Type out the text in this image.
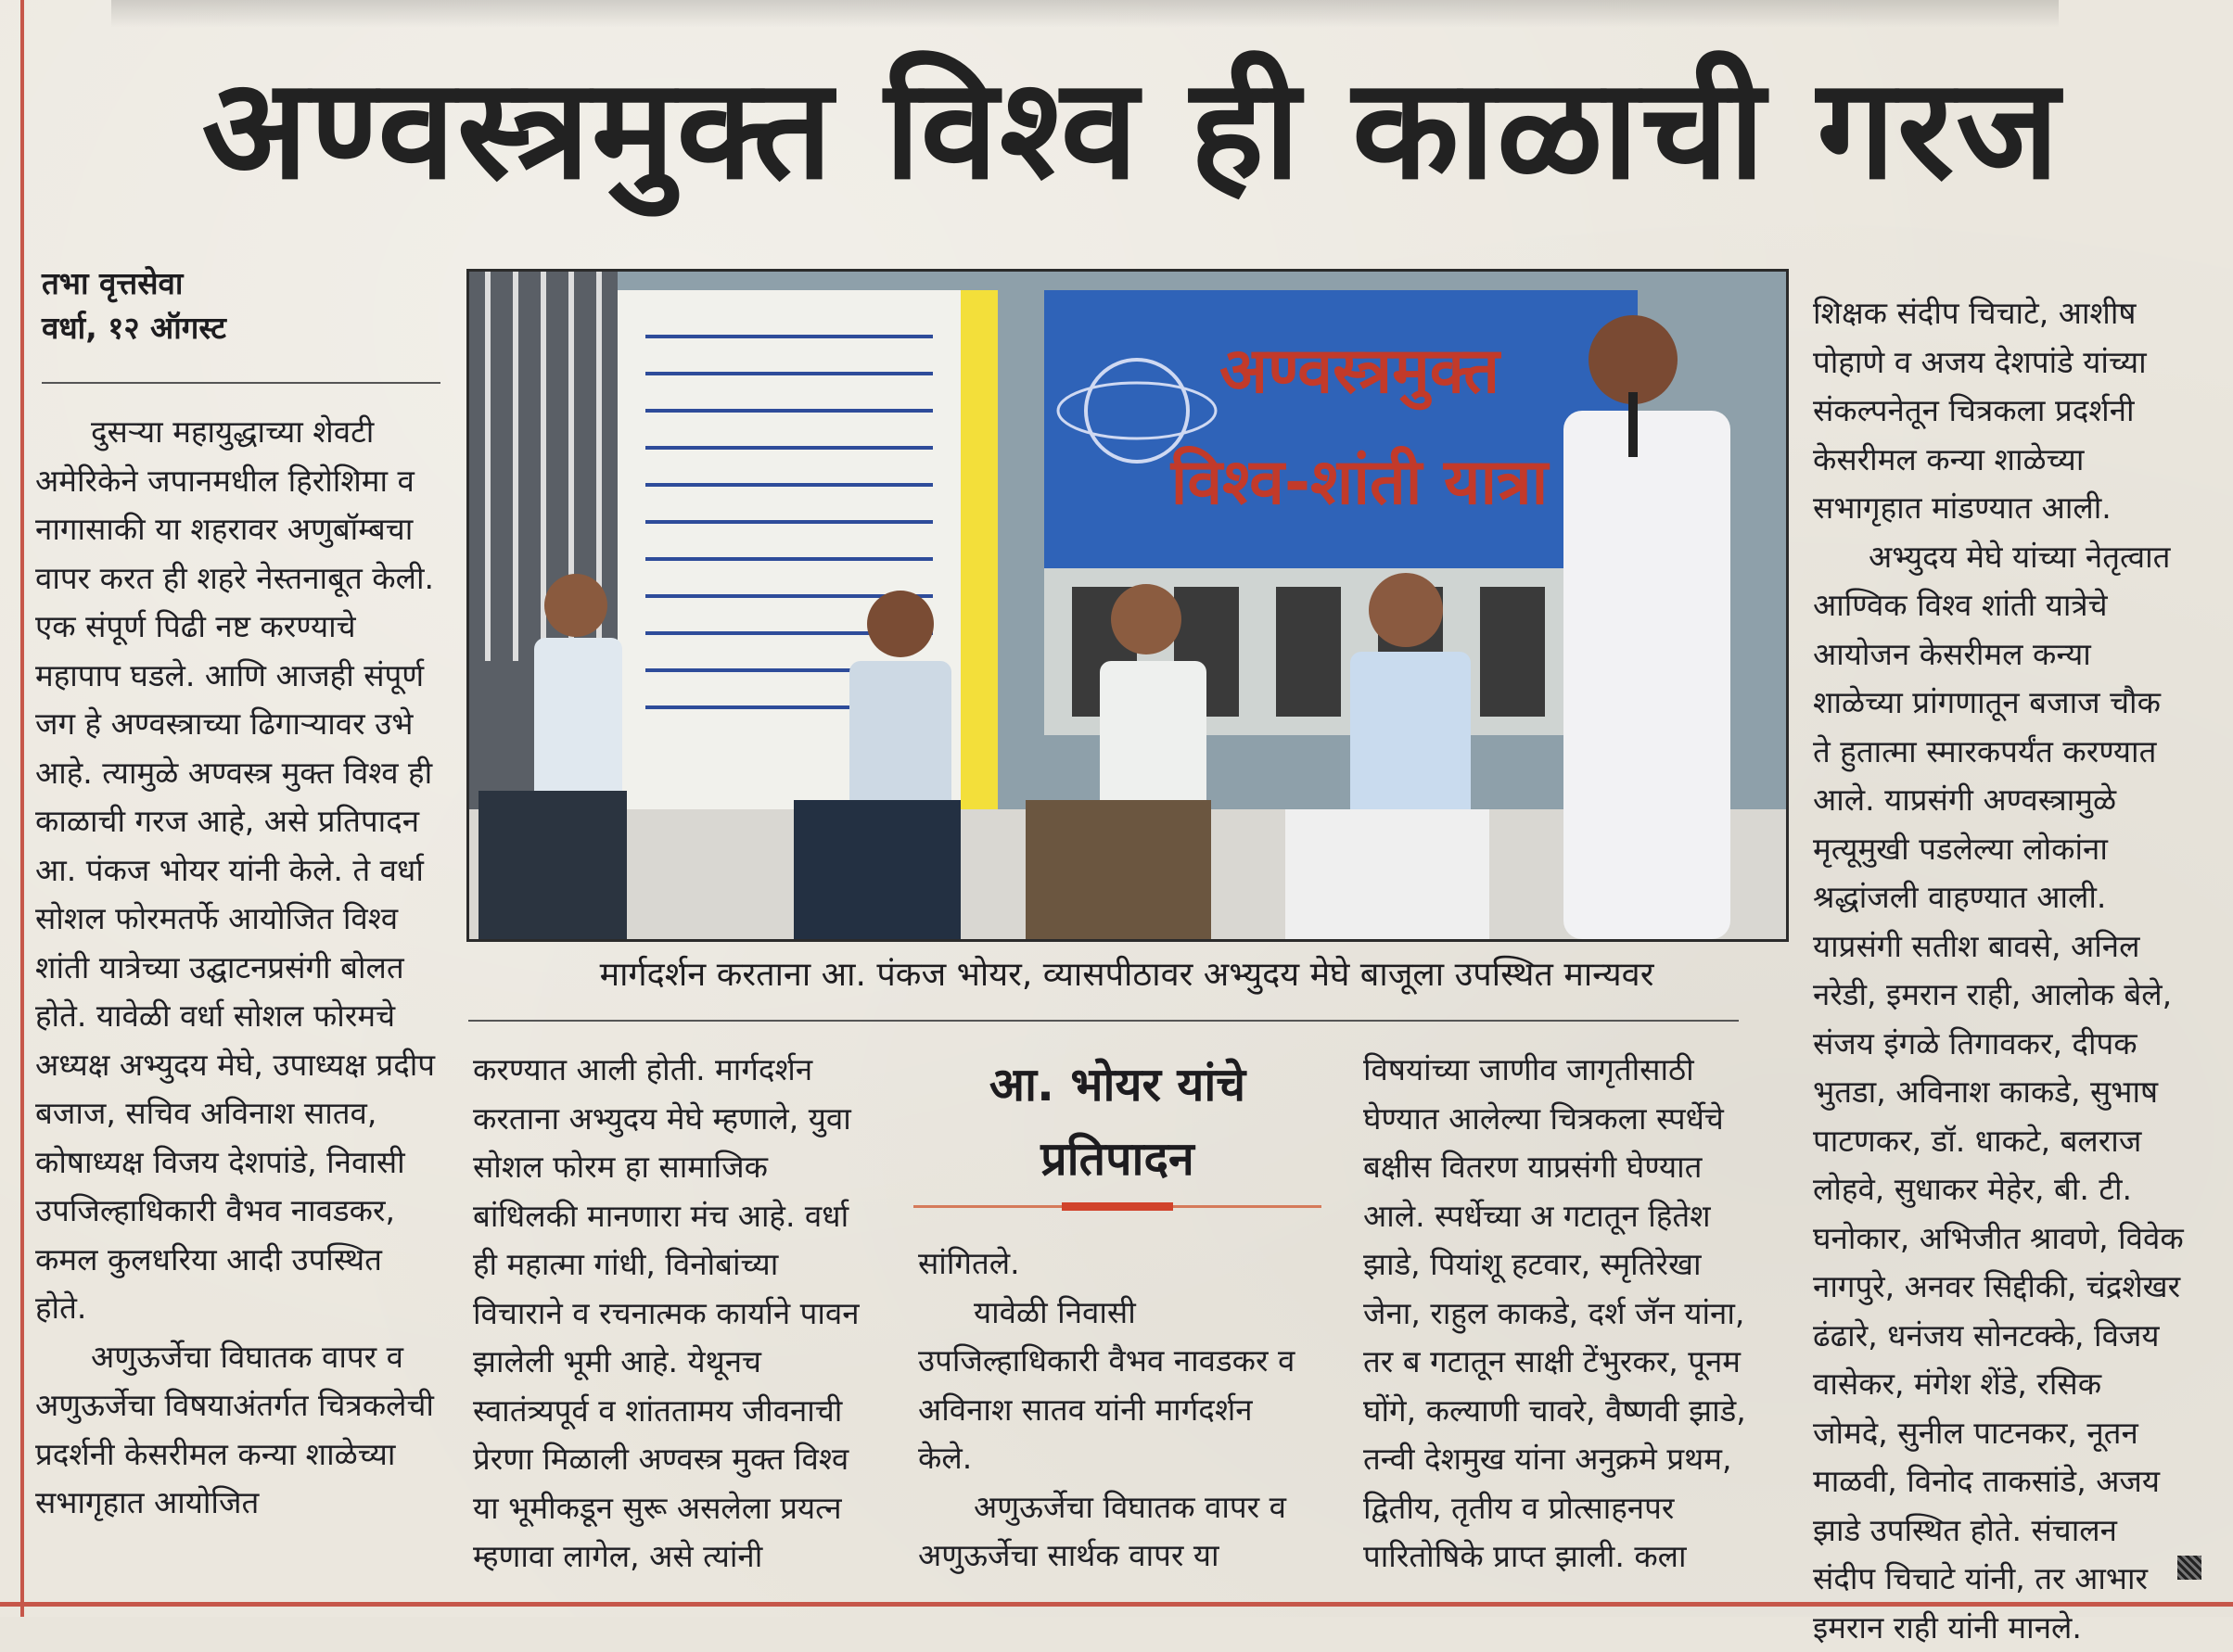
अण्वस्त्रमुक्त विश्व ही काळाची गरज
तभा वृत्तसेवा
वर्धा, १२ ऑगस्ट

दुसऱ्या महायुद्धाच्या शेवटी अमेरिकेने जपानमधील हिरोशिमा व नागासाकी या शहरावर अणुबॉम्बचा वापर करत ही शहरे नेस्तनाबूत केली. एक संपूर्ण पिढी नष्ट करण्याचे महापाप घडले. आणि आजही संपूर्ण जग हे अण्वस्त्राच्या ढिगाऱ्यावर उभे आहे. त्यामुळे अण्वस्त्र मुक्त विश्व ही काळाची गरज आहे, असे प्रतिपादन आ. पंकज भोयर यांनी केले. ते वर्धा सोशल फोरमतर्फे आयोजित विश्व शांती यात्रेच्या उद्घाटनप्रसंगी बोलत होते. यावेळी वर्धा सोशल फोरमचे अध्यक्ष अभ्युदय मेघे, उपाध्यक्ष प्रदीप बजाज, सचिव अविनाश सातव, कोषाध्यक्ष विजय देशपांडे, निवासी उपजिल्हाधिकारी वैभव नावडकर, कमल कुलधरिया आदी उपस्थित होते.

अणुऊर्जेचा विघातक वापर व अणुऊर्जेचा विषयाअंतर्गत चित्रकलेची प्रदर्शनी केसरीमल कन्या शाळेच्या सभागृहात आयोजित

अण्वस्त्रमुक्त
विश्व-शांती यात्रा
मार्गदर्शन करताना आ. पंकज भोयर, व्यासपीठावर अभ्युदय मेघे बाजूला उपस्थित मान्यवर

करण्यात आली होती. मार्गदर्शन करताना अभ्युदय मेघे म्हणाले, युवा सोशल फोरम हा सामाजिक बांधिलकी मानणारा मंच आहे. वर्धा ही महात्मा गांधी, विनोबांच्या विचाराने व रचनात्मक कार्याने पावन झालेली भूमी आहे. येथूनच स्वातंत्र्यपूर्व व शांततामय जीवनाची प्रेरणा मिळाली अण्वस्त्र मुक्त विश्व या भूमीकडून सुरू असलेला प्रयत्न म्हणावा लागेल, असे त्यांनी

आ. भोयर यांचे
प्रतिपादन

सांगितले.

यावेळी निवासी उपजिल्हाधिकारी वैभव नावडकर व अविनाश सातव यांनी मार्गदर्शन केले.

अणुऊर्जेचा विघातक वापर व अणुऊर्जेचा सार्थक वापर या

विषयांच्या जाणीव जागृतीसाठी घेण्यात आलेल्या चित्रकला स्पर्धेचे बक्षीस वितरण याप्रसंगी घेण्यात आले. स्पर्धेच्या अ गटातून हितेश झाडे, पियांशू हटवार, स्मृतिरेखा जेना, राहुल काकडे, दर्श जॅन यांना, तर ब गटातून साक्षी टेंभुरकर, पूनम घोंगे, कल्याणी चावरे, वैष्णवी झाडे, तन्वी देशमुख यांना अनुक्रमे प्रथम, द्वितीय, तृतीय व प्रोत्साहनपर पारितोषिके प्राप्त झाली. कला

शिक्षक संदीप चिचाटे, आशीष पोहाणे व अजय देशपांडे यांच्या संकल्पनेतून चित्रकला प्रदर्शनी केसरीमल कन्या शाळेच्या सभागृहात मांडण्यात आली.

अभ्युदय मेघे यांच्या नेतृत्वात आण्विक विश्व शांती यात्रेचे आयोजन केसरीमल कन्या शाळेच्या प्रांगणातून बजाज चौक ते हुतात्मा स्मारकपर्यंत करण्यात आले. याप्रसंगी अण्वस्त्रामुळे मृत्यूमुखी पडलेल्या लोकांना श्रद्धांजली वाहण्यात आली. याप्रसंगी सतीश बावसे, अनिल नरेडी, इमरान राही, आलोक बेले, संजय इंगळे तिगावकर, दीपक भुतडा, अविनाश काकडे, सुभाष पाटणकर, डॉ. धाकटे, बलराज लोहवे, सुधाकर मेहेर, बी. टी. घनोकार, अभिजीत श्रावणे, विवेक नागपुरे, अनवर सिद्दीकी, चंद्रशेखर ढंढारे, धनंजय सोनटक्के, विजय वासेकर, मंगेश शेंडे, रसिक जोमदे, सुनील पाटनकर, नूतन माळवी, विनोद ताकसांडे, अजय झाडे उपस्थित होते. संचालन संदीप चिचाटे यांनी, तर आभार इमरान राही यांनी मानले.
